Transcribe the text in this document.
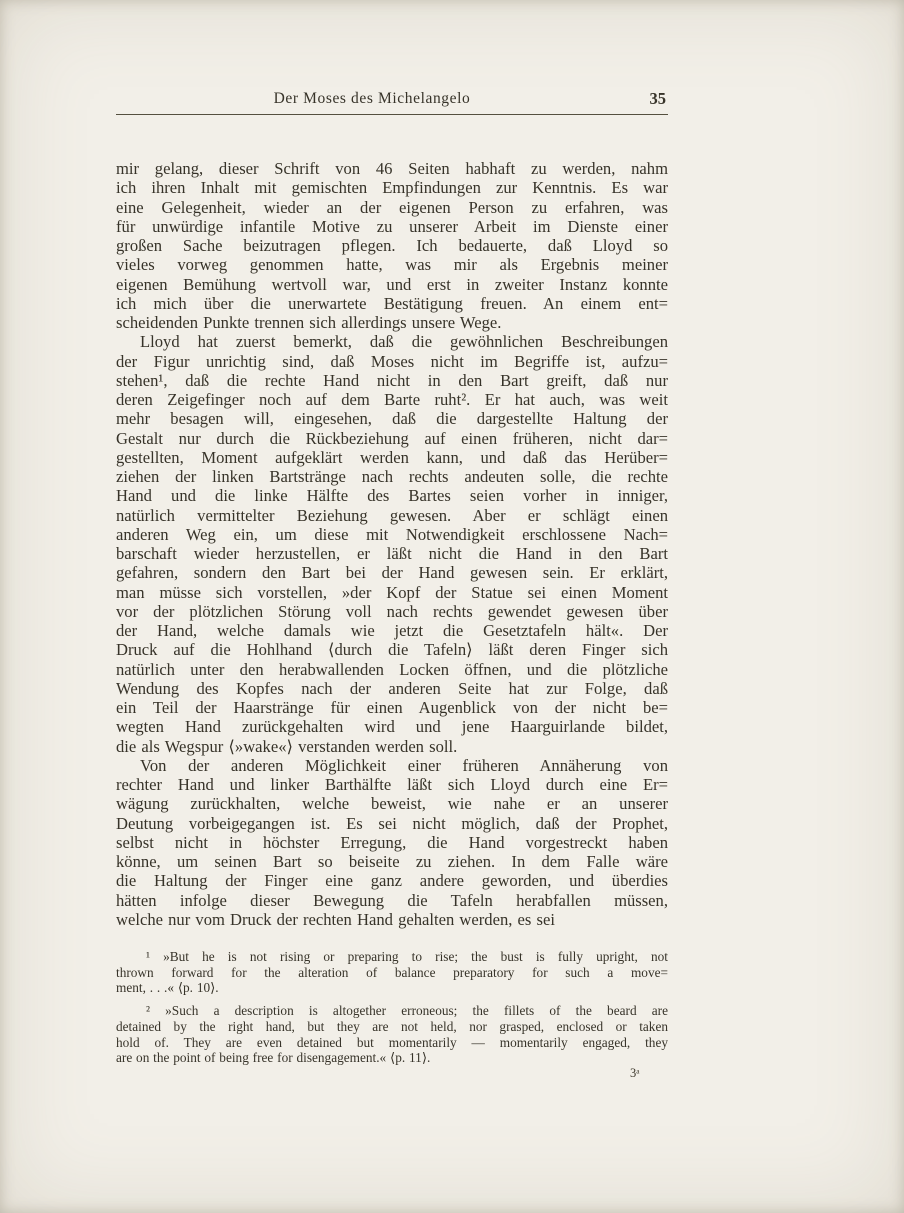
Der Moses des Michelangelo	35

mir gelang, dieser Schrift von 46 Seiten habhaft zu werden, nahm
ich ihren Inhalt mit gemischten Empfindungen zur Kenntnis. Es war
eine Gelegenheit, wieder an der eigenen Person zu erfahren, was
für unwürdige infantile Motive zu unserer Arbeit im Dienste einer
großen Sache beizutragen pflegen. Ich bedauerte, daß Lloyd so
vieles vorweg genommen hatte, was mir als Ergebnis meiner
eigenen Bemühung wertvoll war, und erst in zweiter Instanz konnte
ich mich über die unerwartete Bestätigung freuen. An einem ent=
scheidenden Punkte trennen sich allerdings unsere Wege.

Lloyd hat zuerst bemerkt, daß die gewöhnlichen Beschreibungen
der Figur unrichtig sind, daß Moses nicht im Begriffe ist, aufzu=
stehen¹, daß die rechte Hand nicht in den Bart greift, daß nur
deren Zeigefinger noch auf dem Barte ruht². Er hat auch, was weit
mehr besagen will, eingesehen, daß die dargestellte Haltung der
Gestalt nur durch die Rückbeziehung auf einen früheren, nicht dar=
gestellten, Moment aufgeklärt werden kann, und daß das Herüber=
ziehen der linken Bartstränge nach rechts andeuten solle, die rechte
Hand und die linke Hälfte des Bartes seien vorher in inniger,
natürlich vermittelter Beziehung gewesen. Aber er schlägt einen
anderen Weg ein, um diese mit Notwendigkeit erschlossene Nach=
barschaft wieder herzustellen, er läßt nicht die Hand in den Bart
gefahren, sondern den Bart bei der Hand gewesen sein. Er erklärt,
man müsse sich vorstellen, »der Kopf der Statue sei einen Moment
vor der plötzlichen Störung voll nach rechts gewendet gewesen über
der Hand, welche damals wie jetzt die Gesetztafeln hält«. Der
Druck auf die Hohlhand ⟨durch die Tafeln⟩ läßt deren Finger sich
natürlich unter den herabwallenden Locken öffnen, und die plötzliche
Wendung des Kopfes nach der anderen Seite hat zur Folge, daß
ein Teil der Haarstränge für einen Augenblick von der nicht be=
wegten Hand zurückgehalten wird und jene Haarguirlande bildet,
die als Wegspur ⟨»wake«⟩ verstanden werden soll.

Von der anderen Möglichkeit einer früheren Annäherung von
rechter Hand und linker Barthälfte läßt sich Lloyd durch eine Er=
wägung zurückhalten, welche beweist, wie nahe er an unserer
Deutung vorbeigegangen ist. Es sei nicht möglich, daß der Prophet,
selbst nicht in höchster Erregung, die Hand vorgestreckt haben
könne, um seinen Bart so beiseite zu ziehen. In dem Falle wäre
die Haltung der Finger eine ganz andere geworden, und überdies
hätten infolge dieser Bewegung die Tafeln herabfallen müssen,
welche nur vom Druck der rechten Hand gehalten werden, es sei

¹ »But he is not rising or preparing to rise; the bust is fully upright, not
thrown forward for the alteration of balance preparatory for such a move=
ment, . . .« ⟨p. 10⟩.

² »Such a description is altogether erroneous; the fillets of the beard are
detained by the right hand, but they are not held, nor grasped, enclosed or taken
hold of. They are even detained but momentarily — momentarily engaged, they
are on the point of being free for disengagement.« ⟨p. 11⟩.

3ᵃ
